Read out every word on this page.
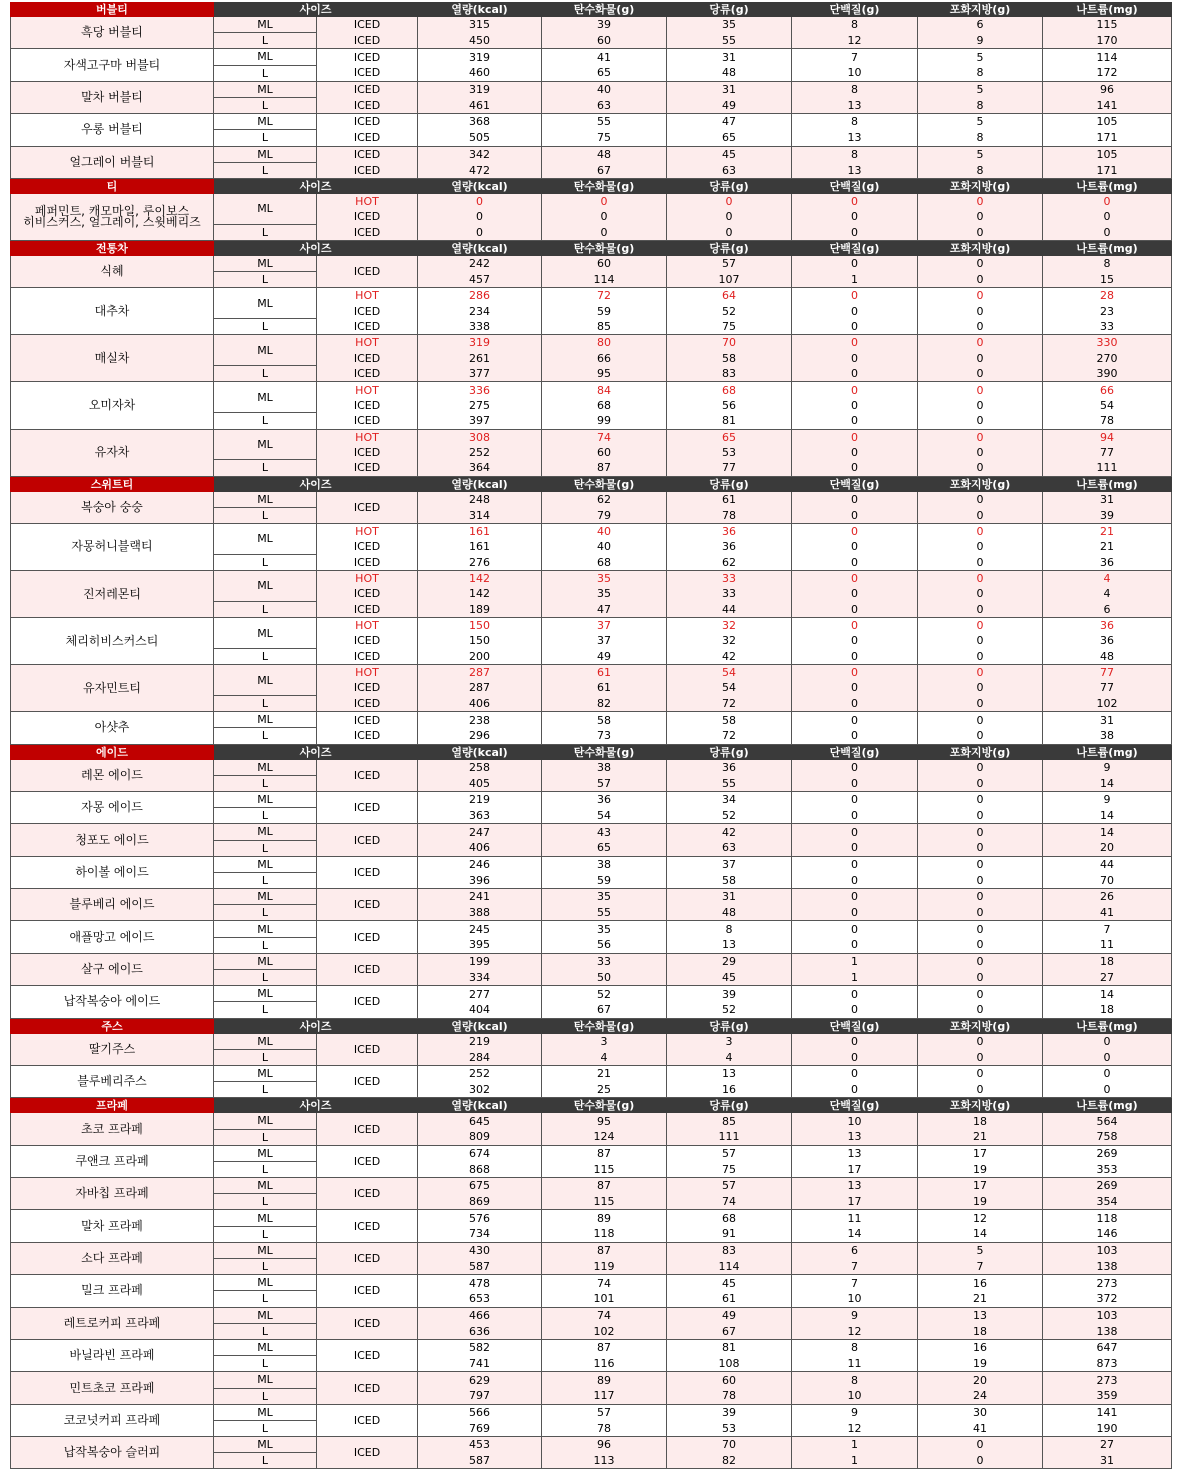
버블티	사이즈		열량(kcal)	탄수화물(g)	당류(g)	단백질(g)	포화지방(g)	나트륨(mg)
흑당 버블티	ML	ICED	315	39	35	8	6	115
	L	ICED	450	60	55	12	9	170
자색고구마 버블티	ML	ICED	319	41	31	7	5	114
	L	ICED	460	65	48	10	8	172
말차 버블티	ML	ICED	319	40	31	8	5	96
	L	ICED	461	63	49	13	8	141
우롱 버블티	ML	ICED	368	55	47	8	5	105
	L	ICED	505	75	65	13	8	171
얼그레이 버블티	ML	ICED	342	48	45	8	5	105
	L	ICED	472	67	63	13	8	171
티	사이즈		열량(kcal)	탄수화물(g)	당류(g)	단백질(g)	포화지방(g)	나트륨(mg)
페퍼민트, 캐모마일, 루이보스
히비스커스, 얼그레이, 스윗베리즈	ML	HOT	0	0	0	0	0	0
		ICED	0	0	0	0	0	0
	L	ICED	0	0	0	0	0	0
전통차	사이즈		열량(kcal)	탄수화물(g)	당류(g)	단백질(g)	포화지방(g)	나트륨(mg)
식혜	ML	ICED	242	60	57	0	0	8
	L		457	114	107	1	0	15
대추차	ML	HOT	286	72	64	0	0	28
		ICED	234	59	52	0	0	23
	L	ICED	338	85	75	0	0	33
매실차	ML	HOT	319	80	70	0	0	330
		ICED	261	66	58	0	0	270
	L	ICED	377	95	83	0	0	390
오미자차	ML	HOT	336	84	68	0	0	66
		ICED	275	68	56	0	0	54
	L	ICED	397	99	81	0	0	78
유자차	ML	HOT	308	74	65	0	0	94
		ICED	252	60	53	0	0	77
	L	ICED	364	87	77	0	0	111
스위트티	사이즈		열량(kcal)	탄수화물(g)	당류(g)	단백질(g)	포화지방(g)	나트륨(mg)
복숭아 숭숭	ML	ICED	248	62	61	0	0	31
	L		314	79	78	0	0	39
자몽허니블랙티	ML	HOT	161	40	36	0	0	21
		ICED	161	40	36	0	0	21
	L	ICED	276	68	62	0	0	36
진저레몬티	ML	HOT	142	35	33	0	0	4
		ICED	142	35	33	0	0	4
	L	ICED	189	47	44	0	0	6
체리히비스커스티	ML	HOT	150	37	32	0	0	36
		ICED	150	37	32	0	0	36
	L	ICED	200	49	42	0	0	48
유자민트티	ML	HOT	287	61	54	0	0	77
		ICED	287	61	54	0	0	77
	L	ICED	406	82	72	0	0	102
아샷추	ML	ICED	238	58	58	0	0	31
	L	ICED	296	73	72	0	0	38
에이드	사이즈		열량(kcal)	탄수화물(g)	당류(g)	단백질(g)	포화지방(g)	나트륨(mg)
레몬 에이드	ML	ICED	258	38	36	0	0	9
	L		405	57	55	0	0	14
자몽 에이드	ML	ICED	219	36	34	0	0	9
	L		363	54	52	0	0	14
청포도 에이드	ML	ICED	247	43	42	0	0	14
	L		406	65	63	0	0	20
하이볼 에이드	ML	ICED	246	38	37	0	0	44
	L		396	59	58	0	0	70
블루베리 에이드	ML	ICED	241	35	31	0	0	26
	L		388	55	48	0	0	41
애플망고 에이드	ML	ICED	245	35	8	0	0	7
	L		395	56	13	0	0	11
살구 에이드	ML	ICED	199	33	29	1	0	18
	L		334	50	45	1	0	27
납작복숭아 에이드	ML	ICED	277	52	39	0	0	14
	L		404	67	52	0	0	18
주스	사이즈		열량(kcal)	탄수화물(g)	당류(g)	단백질(g)	포화지방(g)	나트륨(mg)
딸기주스	ML	ICED	219	3	3	0	0	0
	L		284	4	4	0	0	0
블루베리주스	ML	ICED	252	21	13	0	0	0
	L		302	25	16	0	0	0
프라페	사이즈		열량(kcal)	탄수화물(g)	당류(g)	단백질(g)	포화지방(g)	나트륨(mg)
초코 프라페	ML	ICED	645	95	85	10	18	564
	L		809	124	111	13	21	758
쿠앤크 프라페	ML	ICED	674	87	57	13	17	269
	L		868	115	75	17	19	353
자바칩 프라페	ML	ICED	675	87	57	13	17	269
	L		869	115	74	17	19	354
말차 프라페	ML	ICED	576	89	68	11	12	118
	L		734	118	91	14	14	146
소다 프라페	ML	ICED	430	87	83	6	5	103
	L		587	119	114	7	7	138
밀크 프라페	ML	ICED	478	74	45	7	16	273
	L		653	101	61	10	21	372
레트로커피 프라페	ML	ICED	466	74	49	9	13	103
	L		636	102	67	12	18	138
바닐라빈 프라페	ML	ICED	582	87	81	8	16	647
	L		741	116	108	11	19	873
민트초코 프라페	ML	ICED	629	89	60	8	20	273
	L		797	117	78	10	24	359
코코넛커피 프라페	ML	ICED	566	57	39	9	30	141
	L		769	78	53	12	41	190
납작복숭아 슬러피	ML	ICED	453	96	70	1	0	27
	L		587	113	82	1	0	31
